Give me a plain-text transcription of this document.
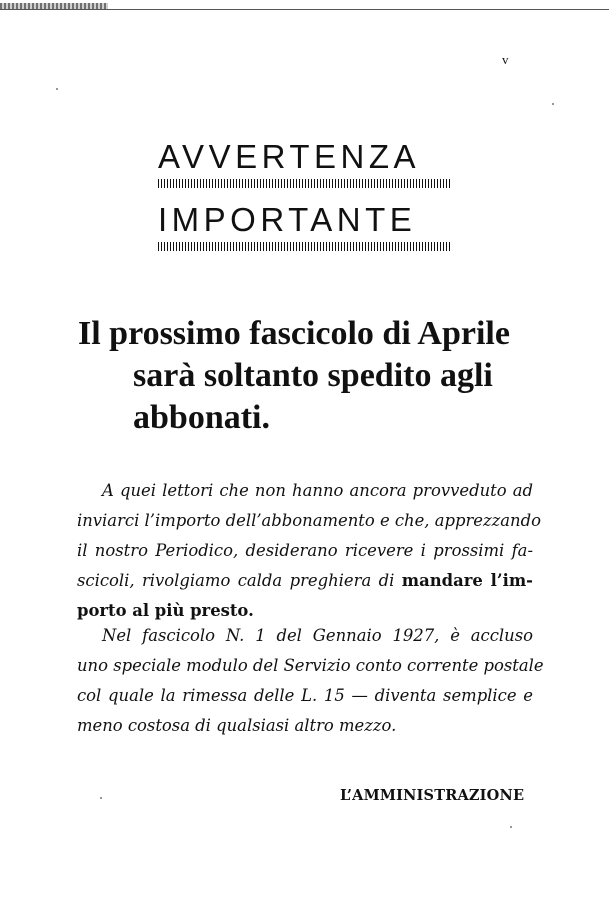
v
AVVERTENZA
IMPORTANTE
Il prossimo fascicolo di Aprile
sarà soltanto spedito agli
abbonati.
A quei lettori che non hanno ancora provveduto ad
inviarci l’importo dell’abbonamento e che, apprezzando
il nostro Periodico, desiderano ricevere i prossimi fa-
scicoli, rivolgiamo calda preghiera di mandare l’im-
porto al più presto.
Nel fascicolo N. 1 del Gennaio 1927, è accluso
uno speciale modulo del Servizio conto corrente postale
col quale la rimessa delle L. 15 — diventa semplice e
meno costosa di qualsiasi altro mezzo.
L’AMMINISTRAZIONE
